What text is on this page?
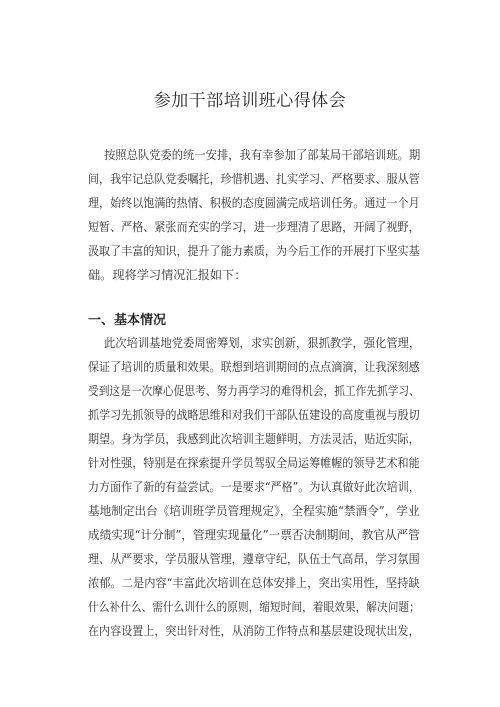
参加干部培训班心得体会
按照总队党委的统一安排，我有幸参加了部某局干部培训班。期
间，我牢记总队党委嘱托，珍惜机遇、扎实学习、严格要求、服从管
理，始终以饱满的热情、积极的态度圆满完成培训任务。通过一个月
短暂、严格、紧张而充实的学习，进一步理清了思路，开阔了视野，
汲取了丰富的知识，提升了能力素质，为今后工作的开展打下坚实基
础。现将学习情况汇报如下：
一、基本情况
此次培训基地党委周密筹划，求实创新，狠抓教学，强化管理，
保证了培训的质量和效果。联想到培训期间的点点滴滴，让我深刻感
受到这是一次摩心促思考、努力再学习的难得机会，抓工作先抓学习、
抓学习先抓领导的战略思维和对我们干部队伍建设的高度重视与殷切
期望。身为学员，我感到此次培训主题鲜明，方法灵活，贴近实际，
针对性强，特别是在探索提升学员驾驭全局运筹帷幄的领导艺术和能
力方面作了新的有益尝试。一是要求“严格”。为认真做好此次培训，
基地制定出台《培训班学员管理规定》，全程实施“禁酒令”，学业
成绩实现“计分制”，管理实现量化”一票否决制期间，教官从严管
理、从严要求，学员服从管理，遵章守纪，队伍士气高昂，学习氛围
浓郁。二是内容“丰富此次培训在总体安排上，突出实用性，坚持缺
什么补什么、需什么训什么的原则，缩短时间，着眼效果，解决问题；
在内容设置上，突出针对性，从消防工作特点和基层建设现状出发，
